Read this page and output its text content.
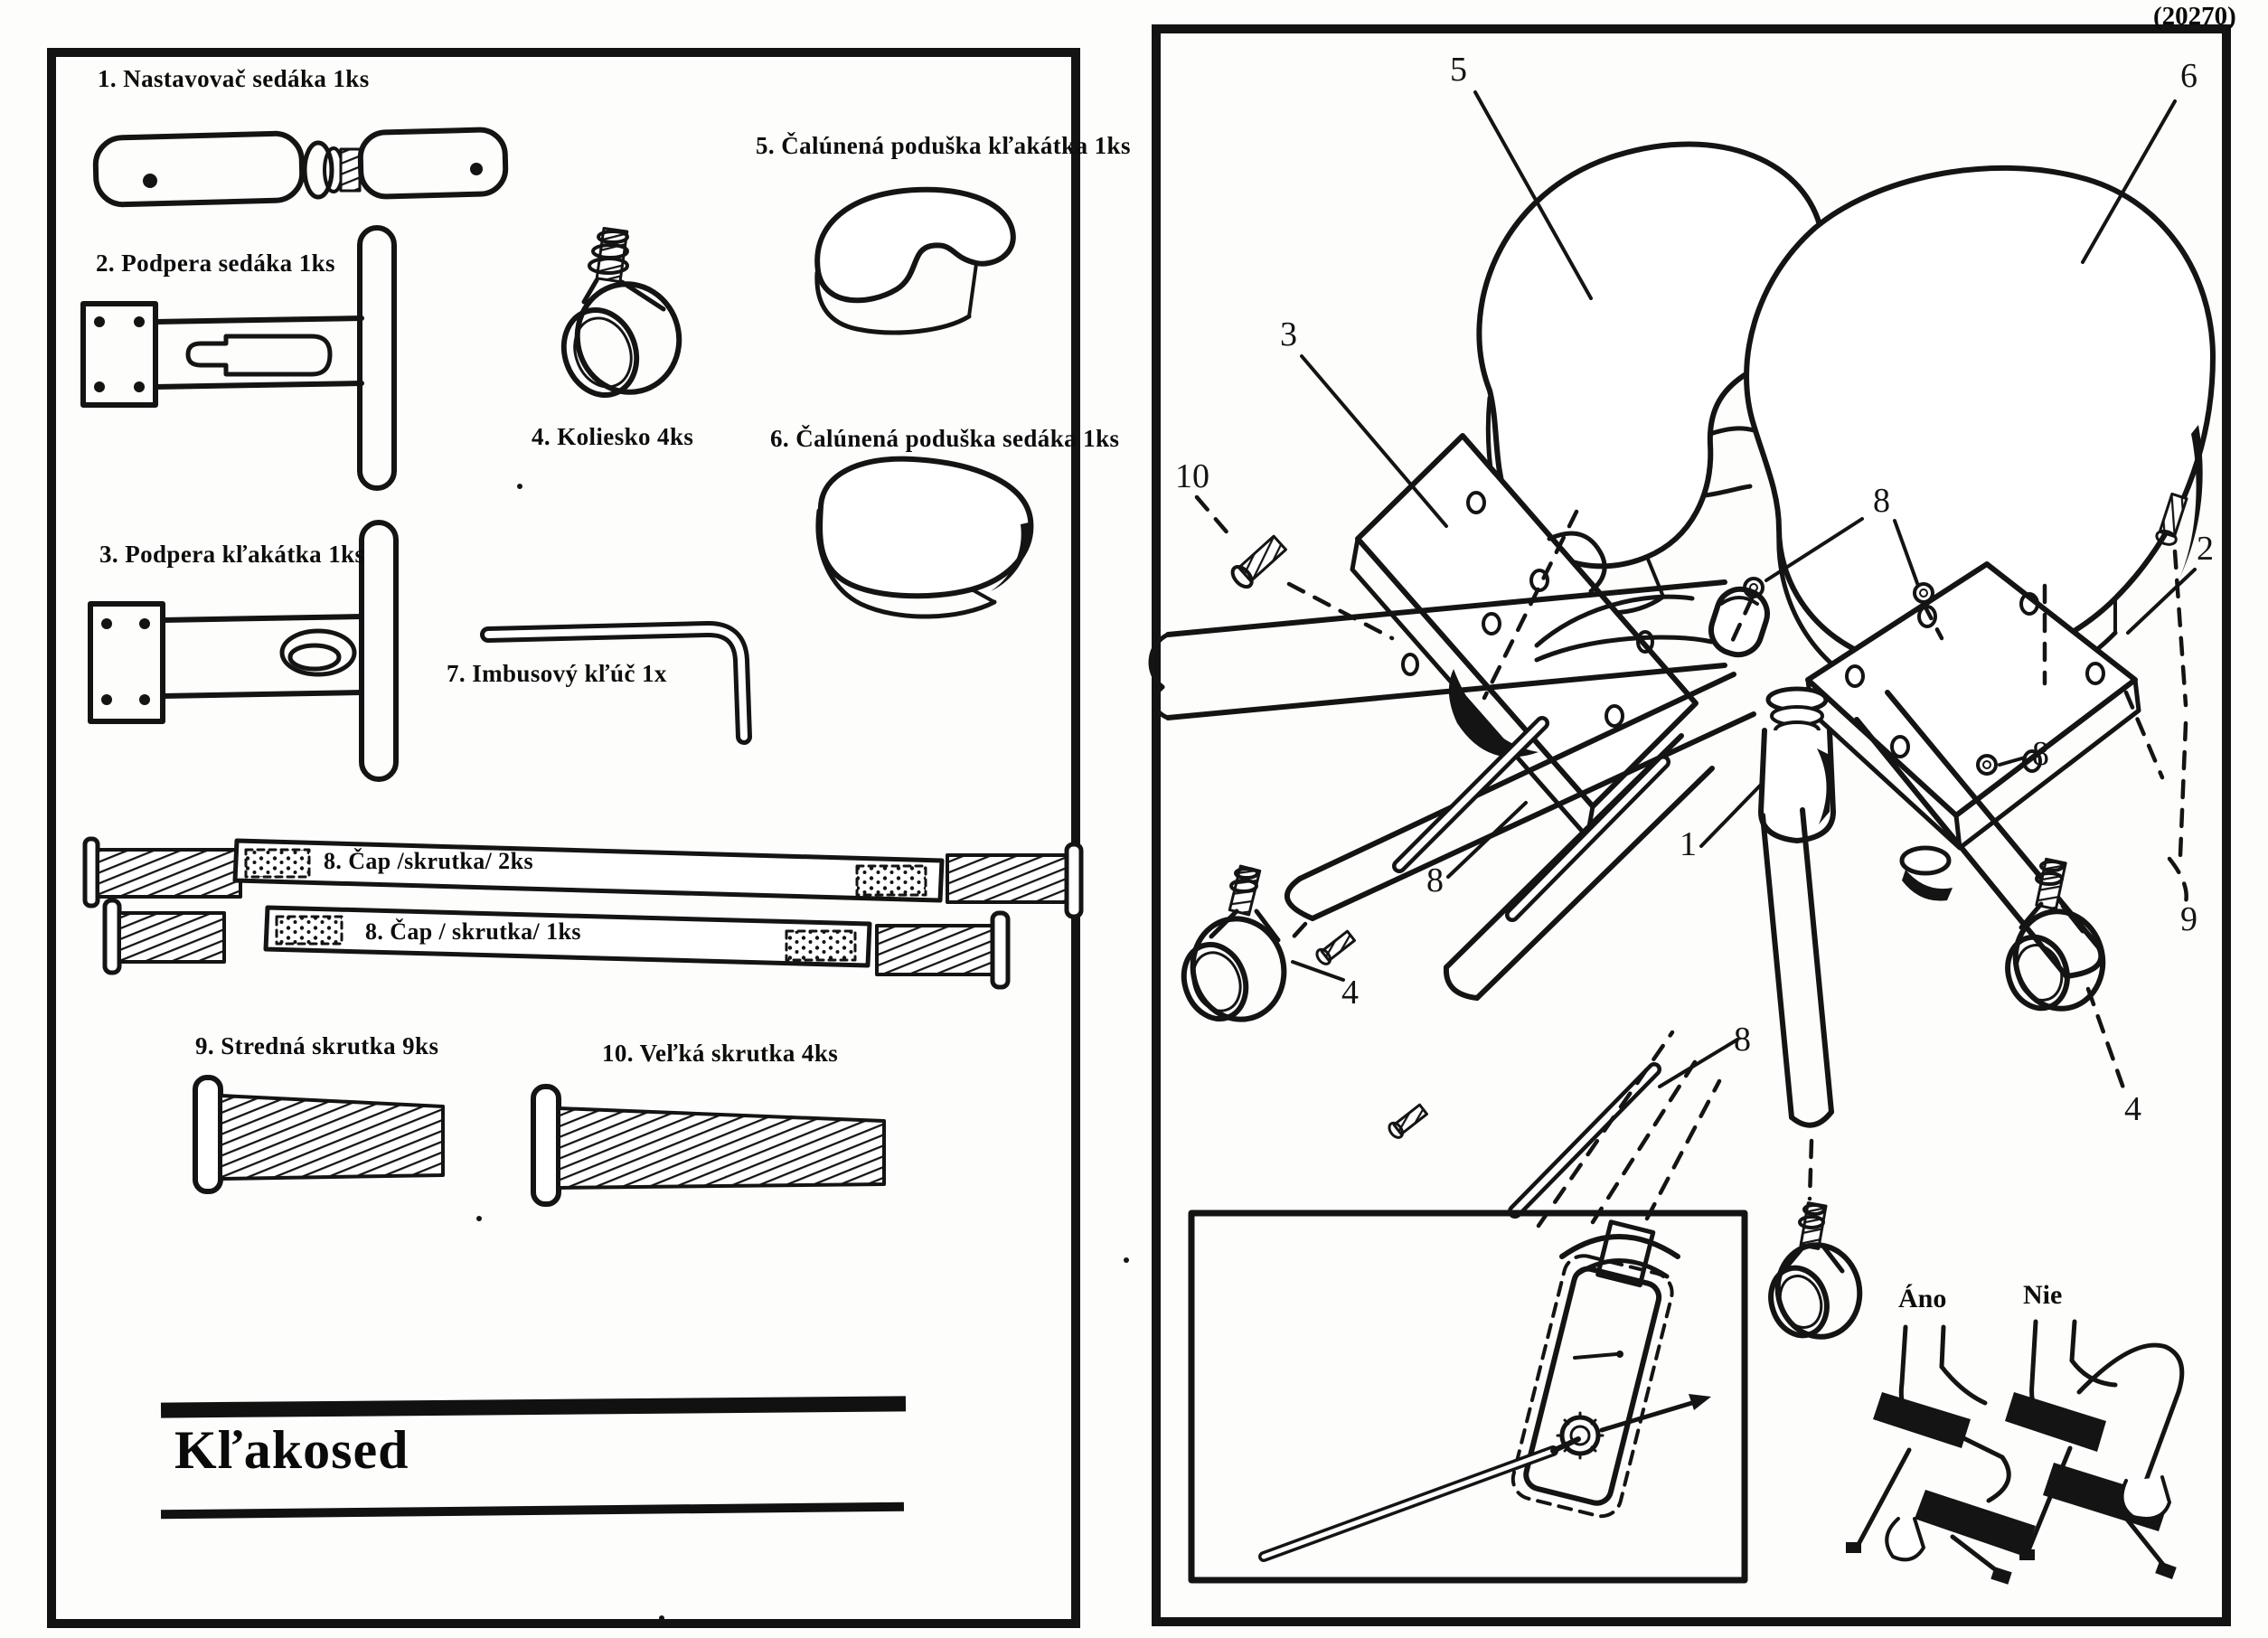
1. Nastavovač sedáka 1ks
2. Podpera sedáka 1ks
3. Podpera kľakátka 1ks
4. Koliesko 4ks
5. Čalúnená poduška kľakátka 1ks
6. Čalúnená poduška sedáka 1ks
7. Imbusový kľúč 1x
8. Čap /skrutka/ 2ks
8. Čap / skrutka/ 1ks
9. Stredná skrutka 9ks	10. Veľká skrutka 4ks
Kľakosed
(20270)
5	6
3
10
8
2
8
1
8
9
4
8
4
Áno	Nie
